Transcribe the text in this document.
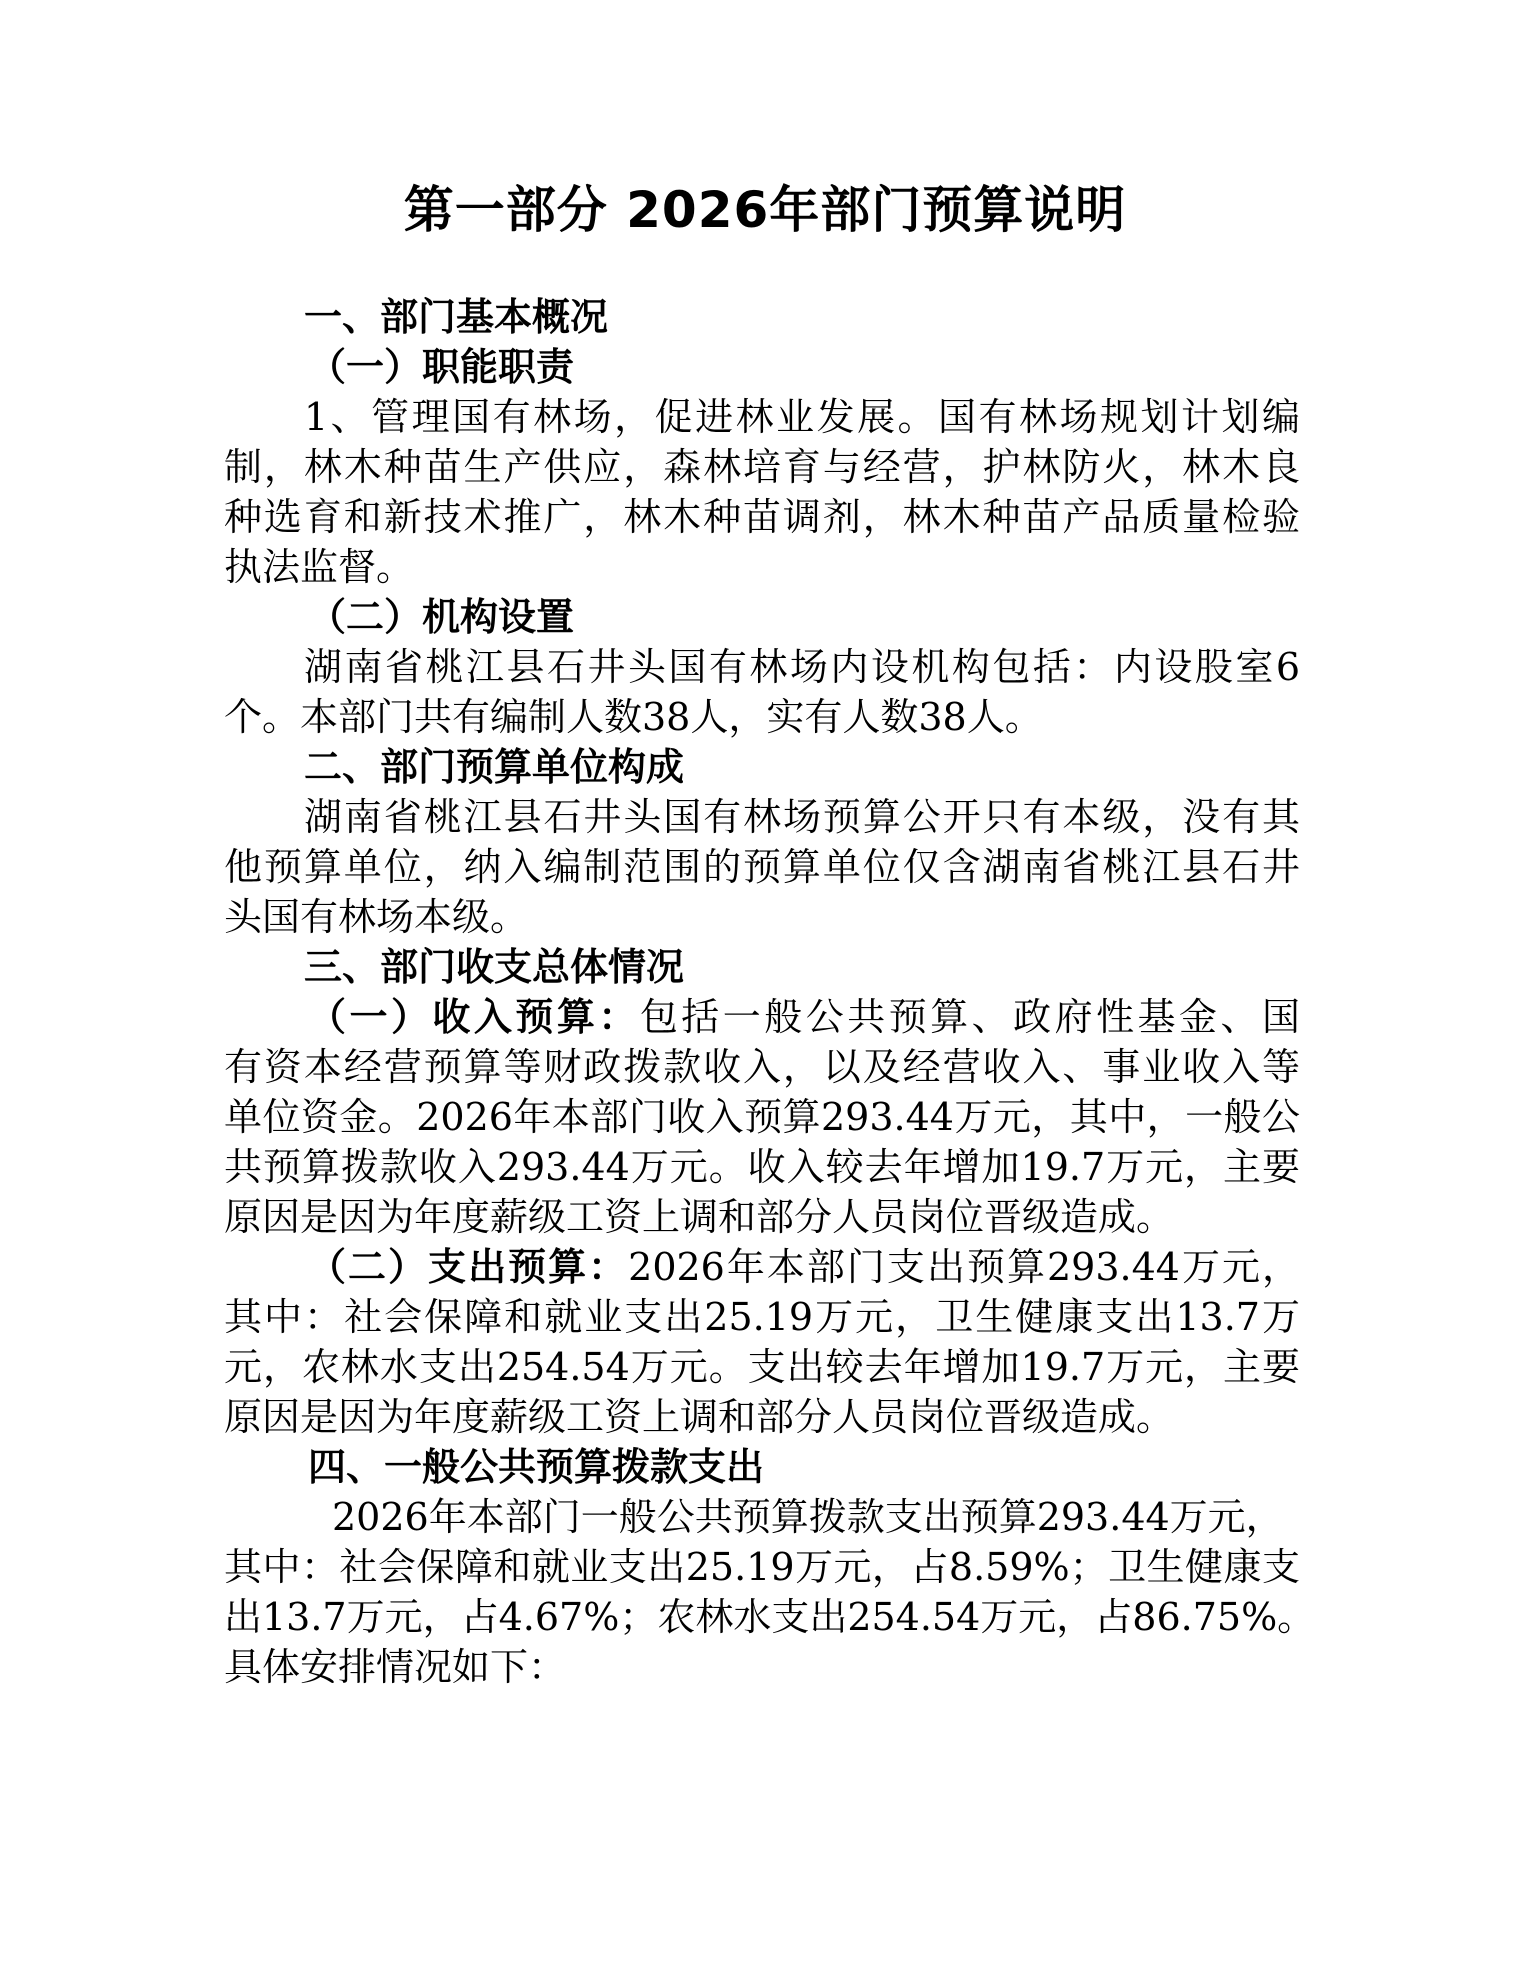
第一部分 2026年部门预算说明
一、部门基本概况
（一）职能职责
1、管理国有林场，促进林业发展。国有林场规划计划编
制，林木种苗生产供应，森林培育与经营，护林防火，林木良
种选育和新技术推广，林木种苗调剂，林木种苗产品质量检验
执法监督。
（二）机构设置
湖南省桃江县石井头国有林场内设机构包括：内设股室6
个。本部门共有编制人数38人，实有人数38人。
二、部门预算单位构成
湖南省桃江县石井头国有林场预算公开只有本级，没有其
他预算单位，纳入编制范围的预算单位仅含湖南省桃江县石井
头国有林场本级。
三、部门收支总体情况
（一）收入预算：包括一般公共预算、政府性基金、国
有资本经营预算等财政拨款收入，以及经营收入、事业收入等
单位资金。2026年本部门收入预算293.44万元，其中，一般公
共预算拨款收入293.44万元。收入较去年增加19.7万元，主要
原因是因为年度薪级工资上调和部分人员岗位晋级造成。
（二）支出预算：2026年本部门支出预算293.44万元，
其中：社会保障和就业支出25.19万元，卫生健康支出13.7万
元，农林水支出254.54万元。支出较去年增加19.7万元，主要
原因是因为年度薪级工资上调和部分人员岗位晋级造成。
四、一般公共预算拨款支出
2026年本部门一般公共预算拨款支出预算293.44万元，
其中：社会保障和就业支出25.19万元，占8.59%；卫生健康支
出13.7万元，占4.67%；农林水支出254.54万元，占86.75%。
具体安排情况如下：
